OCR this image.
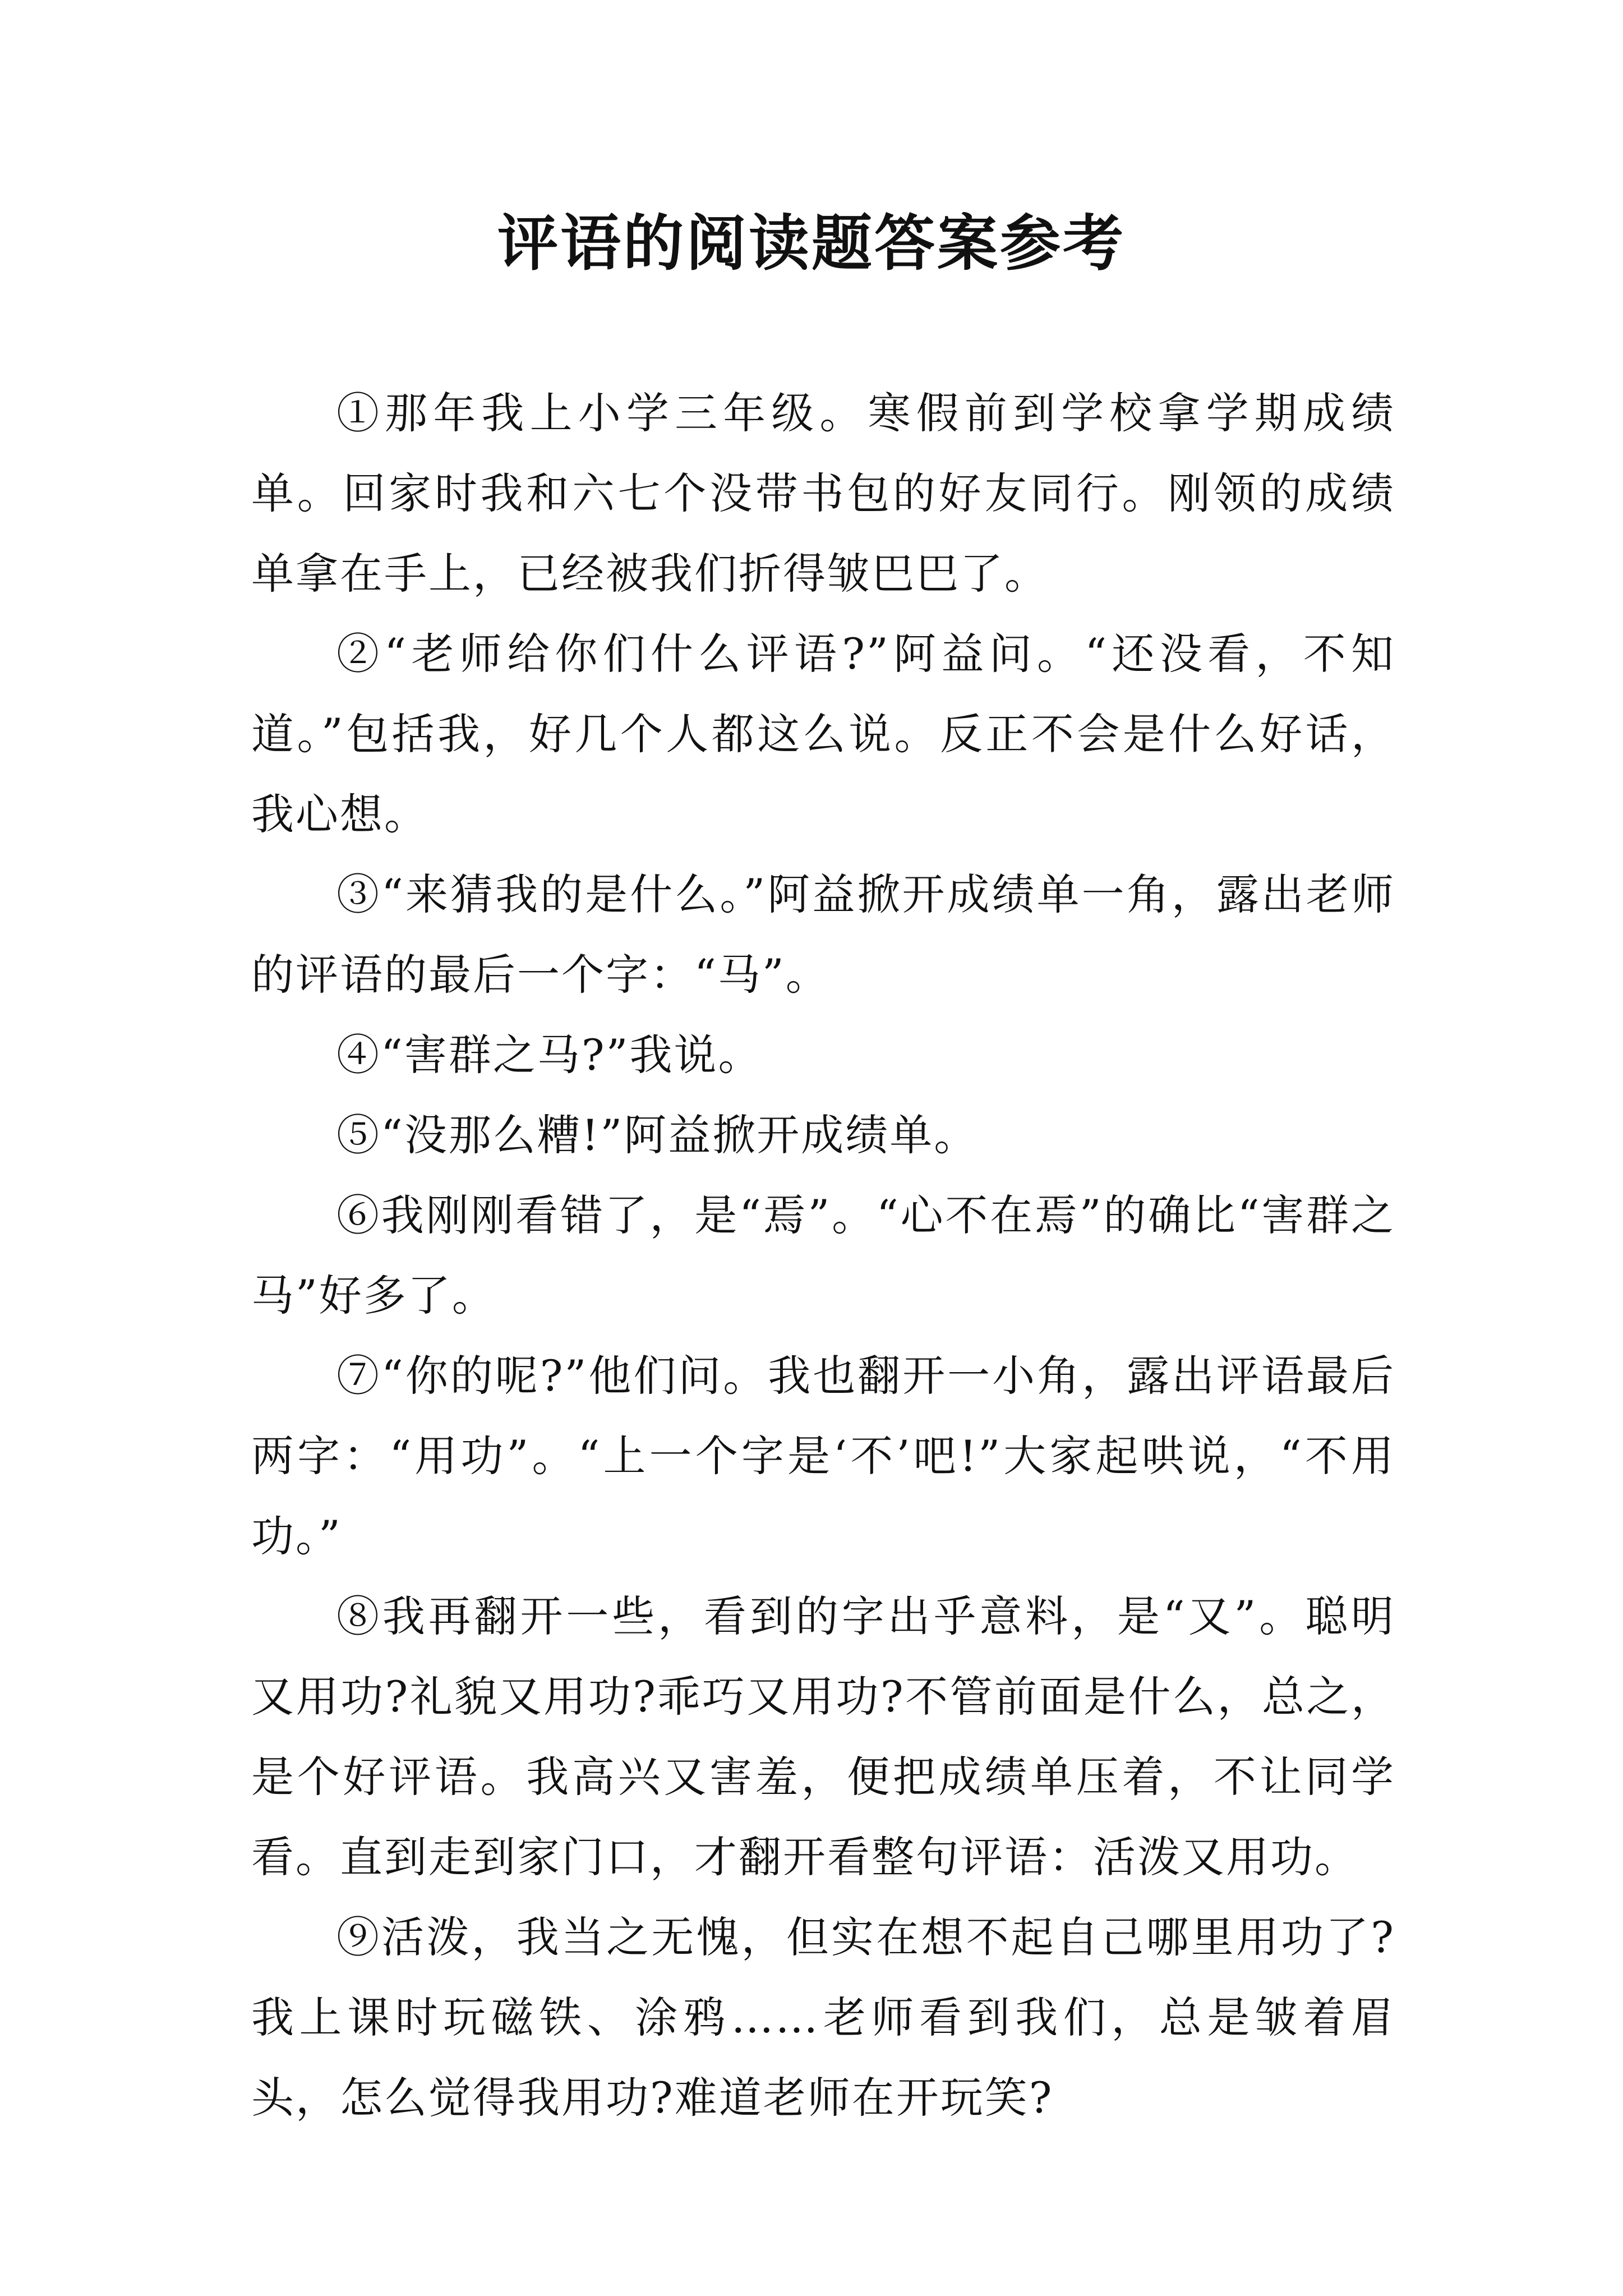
评语的阅读题答案参考

①那年我上小学三年级。寒假前到学校拿学期成绩单。回家时我和六七个没带书包的好友同行。刚领的成绩单拿在手上，已经被我们折得皱巴巴了。

②“老师给你们什么评语?”阿益问。“还没看，不知道。”包括我，好几个人都这么说。反正不会是什么好话，我心想。

③“来猜我的是什么。”阿益掀开成绩单一角，露出老师的评语的最后一个字：“马”。

④“害群之马?”我说。

⑤“没那么糟!”阿益掀开成绩单。

⑥我刚刚看错了，是“焉”。“心不在焉”的确比“害群之马”好多了。

⑦“你的呢?”他们问。我也翻开一小角，露出评语最后两字：“用功”。“上一个字是‘不’吧!”大家起哄说，“不用功。”

⑧我再翻开一些，看到的字出乎意料，是“又”。聪明又用功?礼貌又用功?乖巧又用功?不管前面是什么，总之，是个好评语。我高兴又害羞，便把成绩单压着，不让同学看。直到走到家门口，才翻开看整句评语：活泼又用功。

⑨活泼，我当之无愧，但实在想不起自己哪里用功了?我上课时玩磁铁、涂鸦……老师看到我们，总是皱着眉头，怎么觉得我用功?难道老师在开玩笑?
